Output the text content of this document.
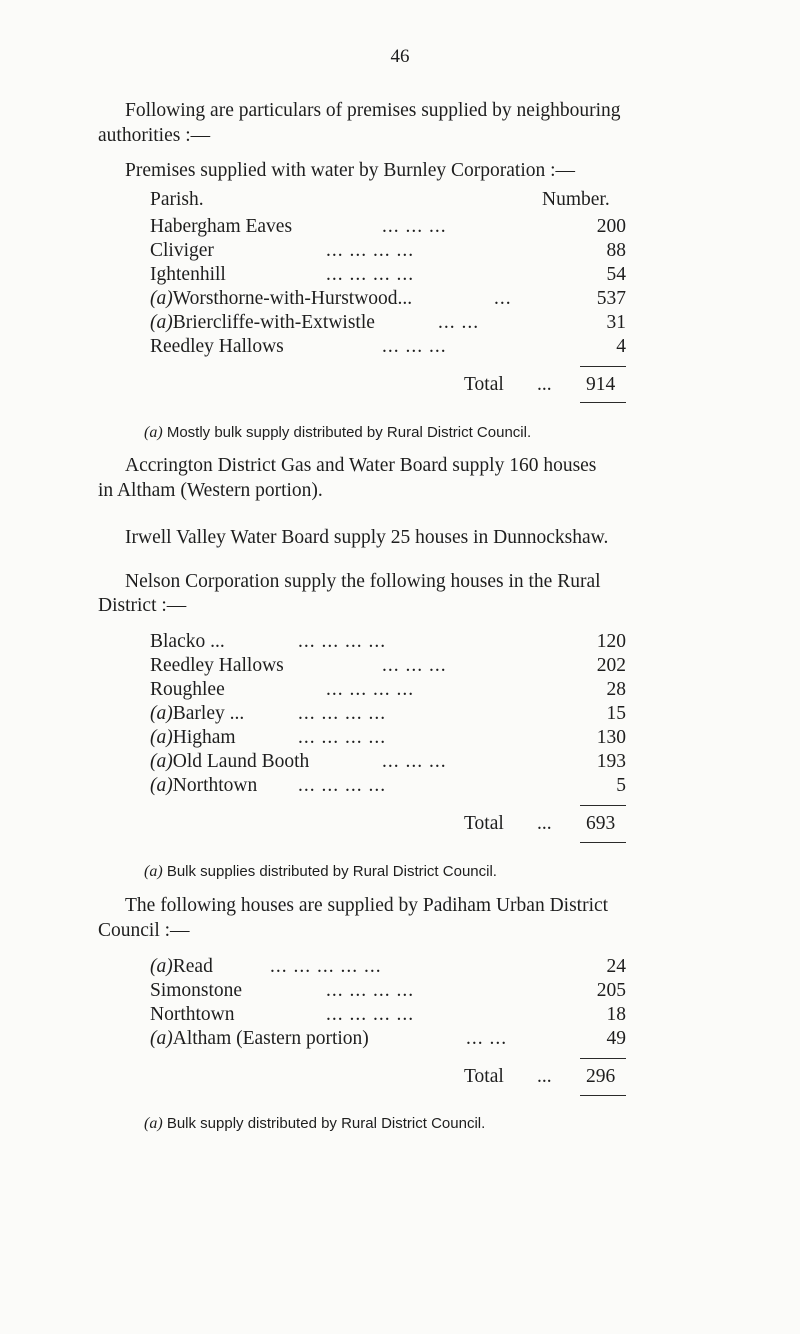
46

Following are particulars of premises supplied by neighbouring

authorities :—

Premises supplied with water by Burnley Corporation :—

Parish.	Number.

Habergham Eaves	... ... ...	200
Cliviger	... ... ... ...	88
Ightenhill	... ... ... ...	54
(a)Worsthorne-with-Hurstwood...	...	537
(a)Briercliffe-with-Extwistle	... ...	31
Reedley Hallows	... ... ...	4
Total ... 914

(a) Mostly bulk supply distributed by Rural District Council.

Accrington District Gas and Water Board supply 160 houses

in Altham (Western portion).

Irwell Valley Water Board supply 25 houses in Dunnockshaw.

Nelson Corporation supply the following houses in the Rural

District :—

Blacko ...	... ... ... ...	120
Reedley Hallows	... ... ...	202
Roughlee	... ... ... ...	28
(a)Barley ...	... ... ... ...	15
(a)Higham	... ... ... ...	130
(a)Old Laund Booth	... ... ...	193
(a)Northtown ... ... ... ...	5
Total ... 693

(a) Bulk supplies distributed by Rural District Council.

The following houses are supplied by Padiham Urban District

Council :—

(a)Read	... ... ... ... ...	24
Simonstone	... ... ... ...	205
Northtown	... ... ... ...	18
(a)Altham (Eastern portion)	... ...	49
Total ... 296

(a) Bulk supply distributed by Rural District Council.
